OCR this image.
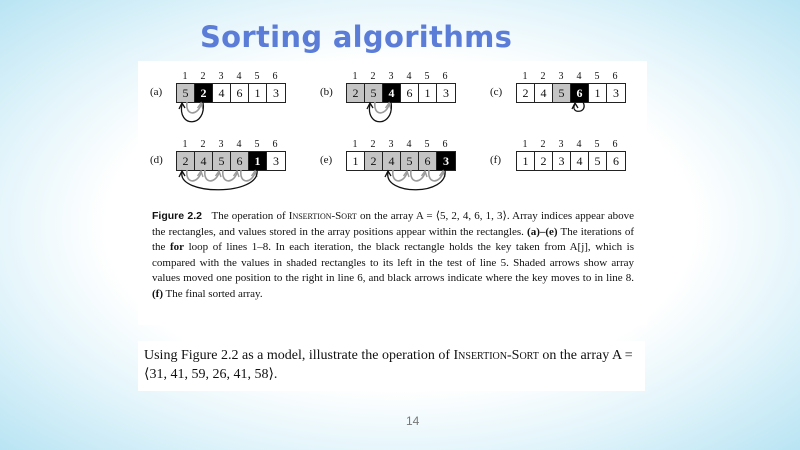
Sorting algorithms
(a)
1	2	3	4	5	6
5	2	4	6	1	3	(b)
1	2	3	4	5	6
2	5	4	6	1	3	(c)
1	2	3	4	5	6
2	4	5	6	1	3
(d)
1	2	3	4	5	6
2	4	5	6	1	3	(e)
1	2	3	4	5	6
1	2	4	5	6	3	(f)
1	2	3	4	5	6
1	2	3	4	5	6
Figure 2.2 The operation of Insertion-Sort on the array A = ⟨5, 2, 4, 6, 1, 3⟩. Array indices appear above the rectangles, and values stored in the array positions appear within the rectangles. (a)–(e) The iterations of the for loop of lines 1–8. In each iteration, the black rectangle holds the key taken from A[j], which is compared with the values in shaded rectangles to its left in the test of line 5. Shaded arrows show array values moved one position to the right in line 6, and black arrows indicate where the key moves to in line 8. (f) The final sorted array.
Using Figure 2.2 as a model, illustrate the operation of Insertion-Sort on the array A = ⟨31, 41, 59, 26, 41, 58⟩.
14
